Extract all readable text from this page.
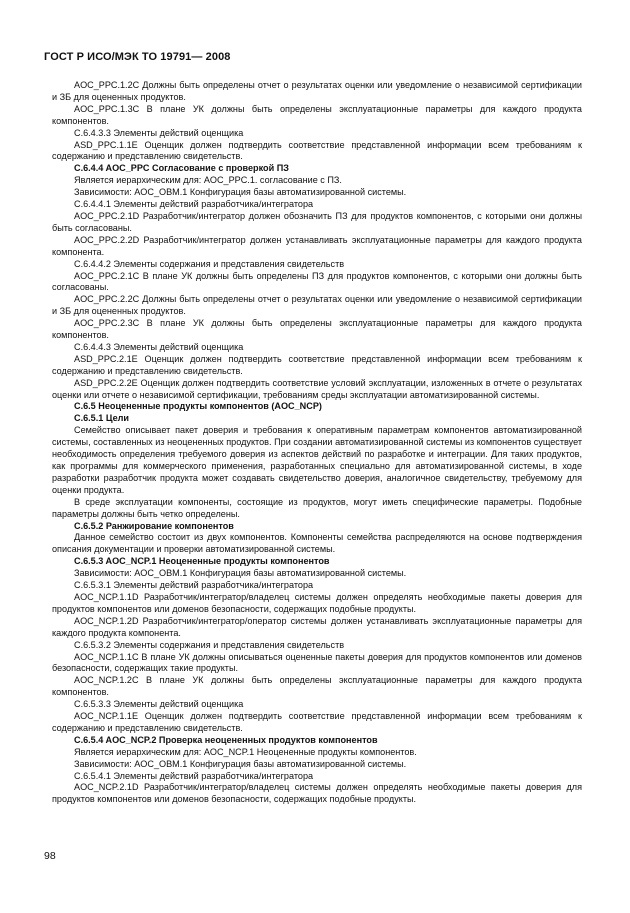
ГОСТ Р ИСО/МЭК ТО 19791— 2008

AOC_PPC.1.2C Должны быть определены отчет о результатах оценки или уведомление о независимой сертификации и ЗБ для оцененных продуктов.

AOC_PPC.1.3C В плане УК должны быть определены эксплуатационные параметры для каждого продукта компонентов.

C.6.4.3.3 Элементы действий оценщика

ASD_PPC.1.1E Оценщик должен подтвердить соответствие представленной информации всем требованиям к содержанию и представлению свидетельств.

C.6.4.4 AOC_PPC Согласование с проверкой ПЗ

Является иерархическим для: AOC_PPC.1. согласование с ПЗ.

Зависимости: AOC_OBM.1 Конфигурация базы автоматизированной системы.

C.6.4.4.1 Элементы действий разработчика/интегратора

AOC_PPC.2.1D Разработчик/интегратор должен обозначить ПЗ для продуктов компонентов, с которыми они должны быть согласованы.

AOC_PPC.2.2D Разработчик/интегратор должен устанавливать эксплуатационные параметры для каждого продукта компонента.

C.6.4.4.2 Элементы содержания и представления свидетельств

AOC_PPC.2.1C В плане УК должны быть определены ПЗ для продуктов компонентов, с которыми они должны быть согласованы.

AOC_PPC.2.2C Должны быть определены отчет о результатах оценки или уведомление о независимой сертификации и ЗБ для оцененных продуктов.

AOC_PPC.2.3C В плане УК должны быть определены эксплуатационные параметры для каждого продукта компонентов.

C.6.4.4.3 Элементы действий оценщика

ASD_PPC.2.1E Оценщик должен подтвердить соответствие представленной информации всем требованиям к содержанию и представлению свидетельств.

ASD_PPC.2.2E Оценщик должен подтвердить соответствие условий эксплуатации, изложенных в отчете о результатах оценки или отчете о независимой сертификации, требованиям среды эксплуатации автоматизированной системы.

C.6.5 Неоцененные продукты компонентов (AOC_NCP)

C.6.5.1 Цели

Семейство описывает пакет доверия и требования к оперативным параметрам компонентов автоматизированной системы, составленных из неоцененных продуктов. При создании автоматизированной системы из компонентов существует необходимость определения требуемого доверия из аспектов действий по разработке и интеграции. Для таких продуктов, как программы для коммерческого применения, разработанных специально для автоматизированной системы, в ходе разработки разработчик продукта может создавать свидетельство доверия, аналогичное свидетельству, требуемому для оценки продукта.

В среде эксплуатации компоненты, состоящие из продуктов, могут иметь специфические параметры. Подобные параметры должны быть четко определены.

C.6.5.2 Ранжирование компонентов

Данное семейство состоит из двух компонентов. Компоненты семейства распределяются на основе подтверждения описания документации и проверки автоматизированной системы.

C.6.5.3 AOC_NCP.1 Неоцененные продукты компонентов

Зависимости: AOC_OBM.1 Конфигурация базы автоматизированной системы.

C.6.5.3.1 Элементы действий разработчика/интегратора

AOC_NCP.1.1D Разработчик/интегратор/владелец системы должен определять необходимые пакеты доверия для продуктов компонентов или доменов безопасности, содержащих подобные продукты.

AOC_NCP.1.2D Разработчик/интегратор/оператор системы должен устанавливать эксплуатационные параметры для каждого продукта компонента.

C.6.5.3.2 Элементы содержания и представления свидетельств

AOC_NCP.1.1C В плане УК должны описываться оцененные пакеты доверия для продуктов компонентов или доменов безопасности, содержащих такие продукты.

AOC_NCP.1.2C В плане УК должны быть определены эксплуатационные параметры для каждого продукта компонентов.

C.6.5.3.3 Элементы действий оценщика

AOC_NCP.1.1E Оценщик должен подтвердить соответствие представленной информации всем требованиям к содержанию и представлению свидетельств.

C.6.5.4 AOC_NCP.2 Проверка неоцененных продуктов компонентов

Является иерархическим для: AOC_NCP.1 Неоцененные продукты компонентов.

Зависимости: AOC_OBM.1 Конфигурация базы автоматизированной системы.

C.6.5.4.1 Элементы действий разработчика/интегратора

AOC_NCP.2.1D Разработчик/интегратор/владелец системы должен определять необходимые пакеты доверия для продуктов компонентов или доменов безопасности, содержащих подобные продукты.

98
